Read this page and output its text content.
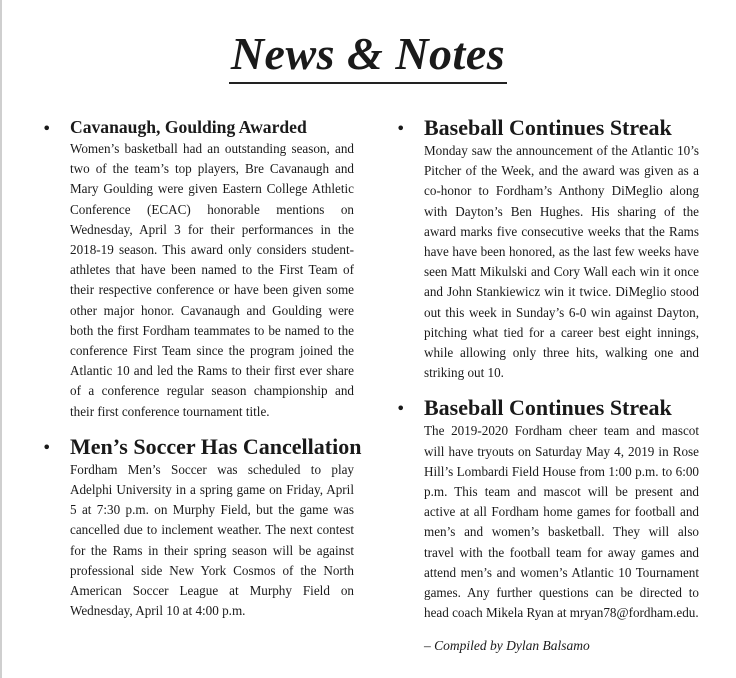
News & Notes
• Cavanaugh, Goulding Awarded

Women’s basketball had an outstanding season, and two of the team’s top players, Bre Cavanaugh and Mary Goulding were given Eastern College Athletic Conference (ECAC) honorable mentions on Wednesday, April 3 for their performances in the 2018-19 season. This award only considers student-athletes that have been named to the First Team of their respective conference or have been given some other major honor. Cavanaugh and Goulding were both the first Fordham teammates to be named to the conference First Team since the program joined the Atlantic 10 and led the Rams to their first ever share of a conference regular season championship and their first conference tournament title.

• Men’s Soccer Has Cancellation

Fordham Men’s Soccer was scheduled to play Adelphi University in a spring game on Friday, April 5 at 7:30 p.m. on Murphy Field, but the game was cancelled due to inclement weather. The next contest for the Rams in their spring season will be against professional side New York Cosmos of the North American Soccer League at Murphy Field on Wednesday, April 10 at 4:00 p.m.

• Baseball Continues Streak

Monday saw the announcement of the Atlantic 10’s Pitcher of the Week, and the award was given as a co-honor to Fordham’s Anthony DiMeglio along with Dayton’s Ben Hughes. His sharing of the award marks five consecutive weeks that the Rams have have been honored, as the last few weeks have seen Matt Mikulski and Cory Wall each win it once and John Stankiewicz win it twice. DiMeglio stood out this week in Sunday’s 6-0 win against Dayton, pitching what tied for a career best eight innings, while allowing only three hits, walking one and striking out 10.

• Baseball Continues Streak

The 2019-2020 Fordham cheer team and mascot will have tryouts on Saturday May 4, 2019 in Rose Hill’s Lombardi Field House from 1:00 p.m. to 6:00 p.m. This team and mascot will be present and active at all Fordham home games for football and men’s and women’s basketball. They will also travel with the football team for away games and attend men’s and women’s Atlantic 10 Tournament games. Any further questions can be directed to head coach Mikela Ryan at mryan78@fordham.edu.

– Compiled by Dylan Balsamo
